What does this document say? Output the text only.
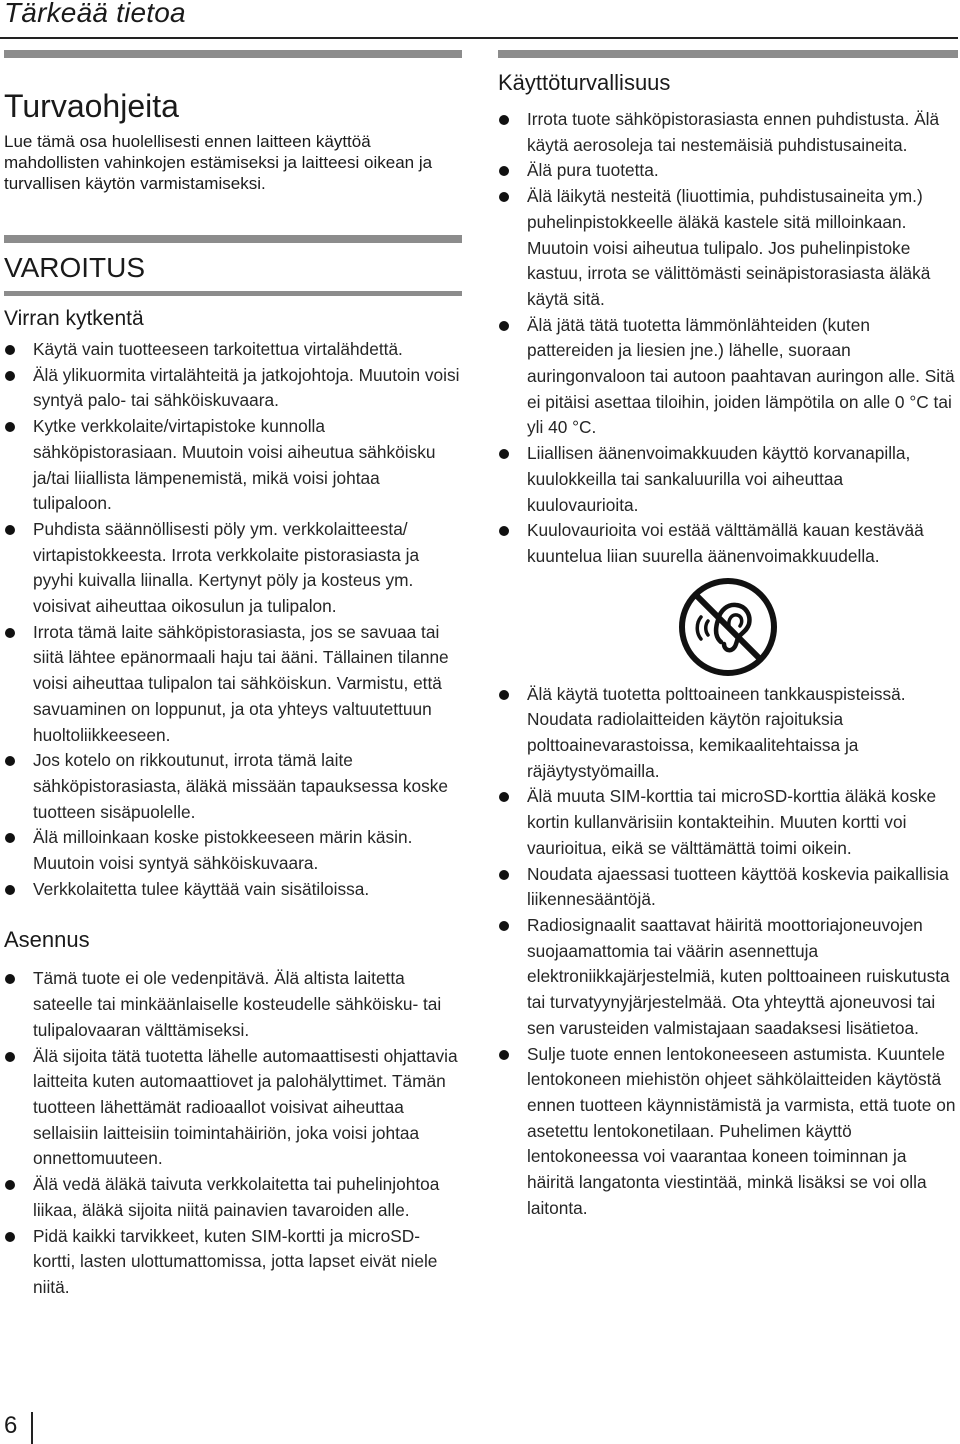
Tärkeää tietoa
Turvaohjeita

Lue tämä osa huolellisesti ennen laitteen käyttöä mahdollisten vahinkojen estämiseksi ja laitteesi oikean ja turvallisen käytön varmistamiseksi.

VAROITUS
Virran kytkentä
Käytä vain tuotteeseen tarkoitettua virtalähdettä.
Älä ylikuormita virtalähteitä ja jatkojohtoja. Muutoin voisi syntyä palo- tai sähköiskuvaara.
Kytke verkkolaite/virtapistoke kunnolla sähköpistorasiaan. Muutoin voisi aiheutua sähköisku ja/tai liiallista lämpenemistä, mikä voisi johtaa tulipaloon.
Puhdista säännöllisesti pöly ym. verkkolaitteesta/ virtapistokkeesta. Irrota verkkolaite pistorasiasta ja pyyhi kuivalla liinalla. Kertynyt pöly ja kosteus ym. voisivat aiheuttaa oikosulun ja tulipalon.
Irrota tämä laite sähköpistorasiasta, jos se savuaa tai siitä lähtee epänormaali haju tai ääni. Tällainen tilanne voisi aiheuttaa tulipalon tai sähköiskun. Varmistu, että savuaminen on loppunut, ja ota yhteys valtuutettuun huoltoliikkeeseen.
Jos kotelo on rikkoutunut, irrota tämä laite sähköpistorasiasta, äläkä missään tapauksessa koske tuotteen sisäpuolelle.
Älä milloinkaan koske pistokkeeseen märin käsin. Muutoin voisi syntyä sähköiskuvaara.
Verkkolaitetta tulee käyttää vain sisätiloissa.
Asennus
Tämä tuote ei ole vedenpitävä. Älä altista laitetta sateelle tai minkäänlaiselle kosteudelle sähköisku- tai tulipalovaaran välttämiseksi.
Älä sijoita tätä tuotetta lähelle automaattisesti ohjattavia laitteita kuten automaattiovet ja palohälyttimet. Tämän tuotteen lähettämät radioaallot voisivat aiheuttaa sellaisiin laitteisiin toimintahäiriön, joka voisi johtaa onnettomuuteen.
Älä vedä äläkä taivuta verkkolaitetta tai puhelinjohtoa liikaa, äläkä sijoita niitä painavien tavaroiden alle.
Pidä kaikki tarvikkeet, kuten SIM-kortti ja microSD-kortti, lasten ulottumattomissa, jotta lapset eivät niele niitä.
Käyttöturvallisuus
Irrota tuote sähköpistorasiasta ennen puhdistusta. Älä käytä aerosoleja tai nestemäisiä puhdistusaineita.
Älä pura tuotetta.
Älä läikytä nesteitä (liuottimia, puhdistusaineita ym.) puhelinpistokkeelle äläkä kastele sitä milloinkaan. Muutoin voisi aiheutua tulipalo. Jos puhelinpistoke kastuu, irrota se välittömästi seinäpistorasiasta äläkä käytä sitä.
Älä jätä tätä tuotetta lämmönlähteiden (kuten pattereiden ja liesien jne.) lähelle, suoraan auringonvaloon tai autoon paahtavan auringon alle. Sitä ei pitäisi asettaa tiloihin, joiden lämpötila on alle 0 °C tai yli 40 °C.
Liiallisen äänenvoimakkuuden käyttö korvanapilla, kuulokkeilla tai sankaluurilla voi aiheuttaa kuulovaurioita.
Kuulovaurioita voi estää välttämällä kauan kestävää kuuntelua liian suurella äänenvoimakkuudella.
Älä käytä tuotetta polttoaineen tankkauspisteissä. Noudata radiolaitteiden käytön rajoituksia polttoainevarastoissa, kemikaalitehtaissa ja räjäytystyömailla.
Älä muuta SIM-korttia tai microSD-korttia äläkä koske kortin kullanvärisiin kontakteihin. Muuten kortti voi vaurioitua, eikä se välttämättä toimi oikein.
Noudata ajaessasi tuotteen käyttöä koskevia paikallisia liikennesääntöjä.
Radiosignaalit saattavat häiritä moottoriajoneuvojen suojaamattomia tai väärin asennettuja elektroniikkajärjestelmiä, kuten polttoaineen ruiskutusta tai turvatyynyjärjestelmää. Ota yhteyttä ajoneuvosi tai sen varusteiden valmistajaan saadaksesi lisätietoa.
Sulje tuote ennen lentokoneeseen astumista. Kuuntele lentokoneen miehistön ohjeet sähkölaitteiden käytöstä ennen tuotteen käynnistämistä ja varmista, että tuote on asetettu lentokonetilaan. Puhelimen käyttö lentokoneessa voi vaarantaa koneen toiminnan ja häiritä langatonta viestintää, minkä lisäksi se voi olla laitonta.
6
